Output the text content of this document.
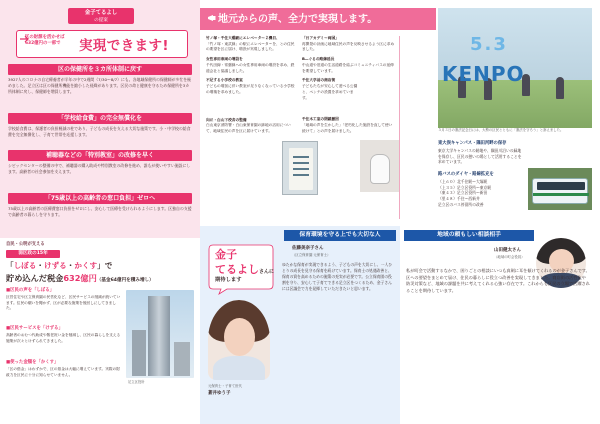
金子てるよし
の提案
区の財源を活かせば
632億円の一部で 実現できます!
区の保健所を３カ所体制に戻す
3927人のコロナの自宅療養者が半年の中で2週間（7/30〜8/7）にも。各地域保健所の保健師が多忙を極めました。足立区は区の保健所機能を縮小した経緯があります。区民の命と健康を守るため保健所を3カ所体制に戻し、保健師を増員します。
「学校給食費」の完全無償化を
学校給食費は、保護者の負担軽減の柱であり、子どもの成長を支える大切な施策です。小・中学校の給食費を完全無償化し、子育て世帯を応援します。
補聴器などの「特別教室」の改修を早く
シビックセンターの整備の中で、補聴器の購入助成や特別教室の改修を進め、誰もが使いやすい施設にします。高齢者の社会参加を支えます。
「75歳以上の高齢者の窓口負担」ゼロへ
75歳以上の高齢者の医療費窓口負担をゼロにし、安心して医療を受けられるようにします。区独自の支援で高齢者の暮らしを守ります。
自民・公明が支える
弱区政の15年
「しぼる・けずる・かくす」で
貯め込んだ税金632億円（基金64億円を積み増し）
■区民の声を「しぼる」
区営住宅や区立保育園の民営化など、区民サービスの削減が続いています。住民の願いを聞かず、区が必要な施策を後回しにしてきました。
■区民サービスを「けずる」
高齢者のおむつ代助成や敬老祝い金を削減し、区民の暮らしを支える施策が次々とけずられてきました。
■使った金額を「かくす」
「区の借金」はわずかで、区の基金は大幅に増えています。実際の財政力を区民に十分に知らせていません。
足立区役所
地元からの声、全力で実現します。
竹ノ塚・千住大橋駅にエレベーター２機目、
「竹ノ塚・東武線」の駅にエレベーターを、との住民の要望を区に届け、増設が実現しました。
女性専用車両の増設を
千代田線・常磐線への女性専用車両の増設を求め、鉄道会社と協議しました。
不足する小学校の教室
子どもの増加に伴い教室が足りなくなっている小学校の増築を求めました。
向丘・白山下校舎の整備
白山東京消防署・白山東保育園の跡地の活用について、地域住民の声を区に届けています。
「日アカデミー両国」
再開発の計画に地域住民の声を反映させるよう区に求めました。
B―ぐるの路線延長
中山道や旧道の生活道路を結ぶコミュニティバスの延伸を要望しています。
千住大学前の商店街
子どもたちが安心して遊べる公園と、ベンチの設置を求めています。
千住木工室の閉鎖撤回
「地域の声を生かした」「老朽化した施設を直して使い続けて」との声を届けました。
5.3
KENPO
５月３日の憲法記念日には、大勢の区民とともに「憲法を守ろう」と訴えました。
東大俣キャンパス・隅田河畔の保存
東京大学キャンパスの跡地や、隅田川沿いの緑地を保存し、区民の憩いの場として活用することを求めています。
路バスのダイヤ・路線拡充を
（上６０）北千住駅〜大塚駅
（上３５）足立区役所〜東京駅
（東４３）足立区役所〜新田
（里４８）千住〜西新井
足立区のバス停留所の改善
保育環境を守る上でも大切な人
金子
てるよしさんに
期待します
佐藤美奈子さん
（区立保育園 元保育士）
ゆたかな保育が実現できるよう、子どもの声を大切にし、一人ひとりの成長を見守る保育を続けています。保育士の処遇改善と、保育の質を高めるための施策の充実が必要です。公立保育園の役割を守り、安心して子育てできる足立区をつくるため、金子さんには区議会で力を発揮していただきたいと思います。
元保育士・子育て世代
蒼井ゆう子
地域の頼もしい相談相手
山田健太さん
（地域の町会役員）
私が町会で活動するなかで、困りごとの相談にいつも真剣に耳を傾けてくれるのが金子さんです。区への要望をまとめて届け、住民の暮らしに役立つ改善を実現してきました。商店街の活性化や防災対策など、地域の課題を共に考えてくれる心強い存在です。これからも区民の立場で活躍されることを期待しています。
